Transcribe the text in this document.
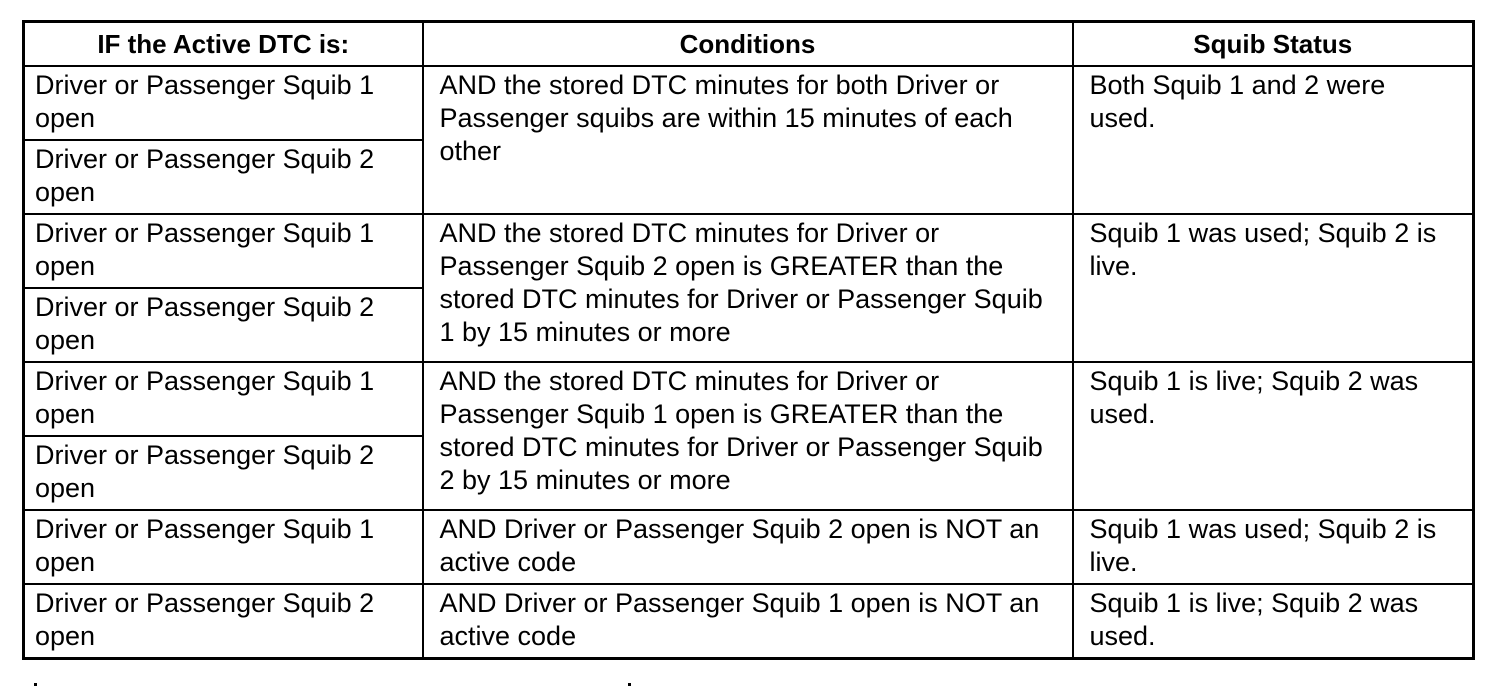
IF the Active DTC is:	Conditions	Squib Status
Driver or Passenger Squib 1 open	AND the stored DTC minutes for both Driver or Passenger squibs are within 15 minutes of each other	Both Squib 1 and 2 were used.
Driver or Passenger Squib 2 open		
Driver or Passenger Squib 1 open	AND the stored DTC minutes for Driver or Passenger Squib 2 open is GREATER than the stored DTC minutes for Driver or Passenger Squib 1 by 15 minutes or more	Squib 1 was used; Squib 2 is live.
Driver or Passenger Squib 2 open		
Driver or Passenger Squib 1 open	AND the stored DTC minutes for Driver or Passenger Squib 1 open is GREATER than the stored DTC minutes for Driver or Passenger Squib 2 by 15 minutes or more	Squib 1 is live; Squib 2 was used.
Driver or Passenger Squib 2 open		
Driver or Passenger Squib 1 open	AND Driver or Passenger Squib 2 open is NOT an active code	Squib 1 was used; Squib 2 is live.
Driver or Passenger Squib 2 open	AND Driver or Passenger Squib 1 open is NOT an active code	Squib 1 is live; Squib 2 was used.
